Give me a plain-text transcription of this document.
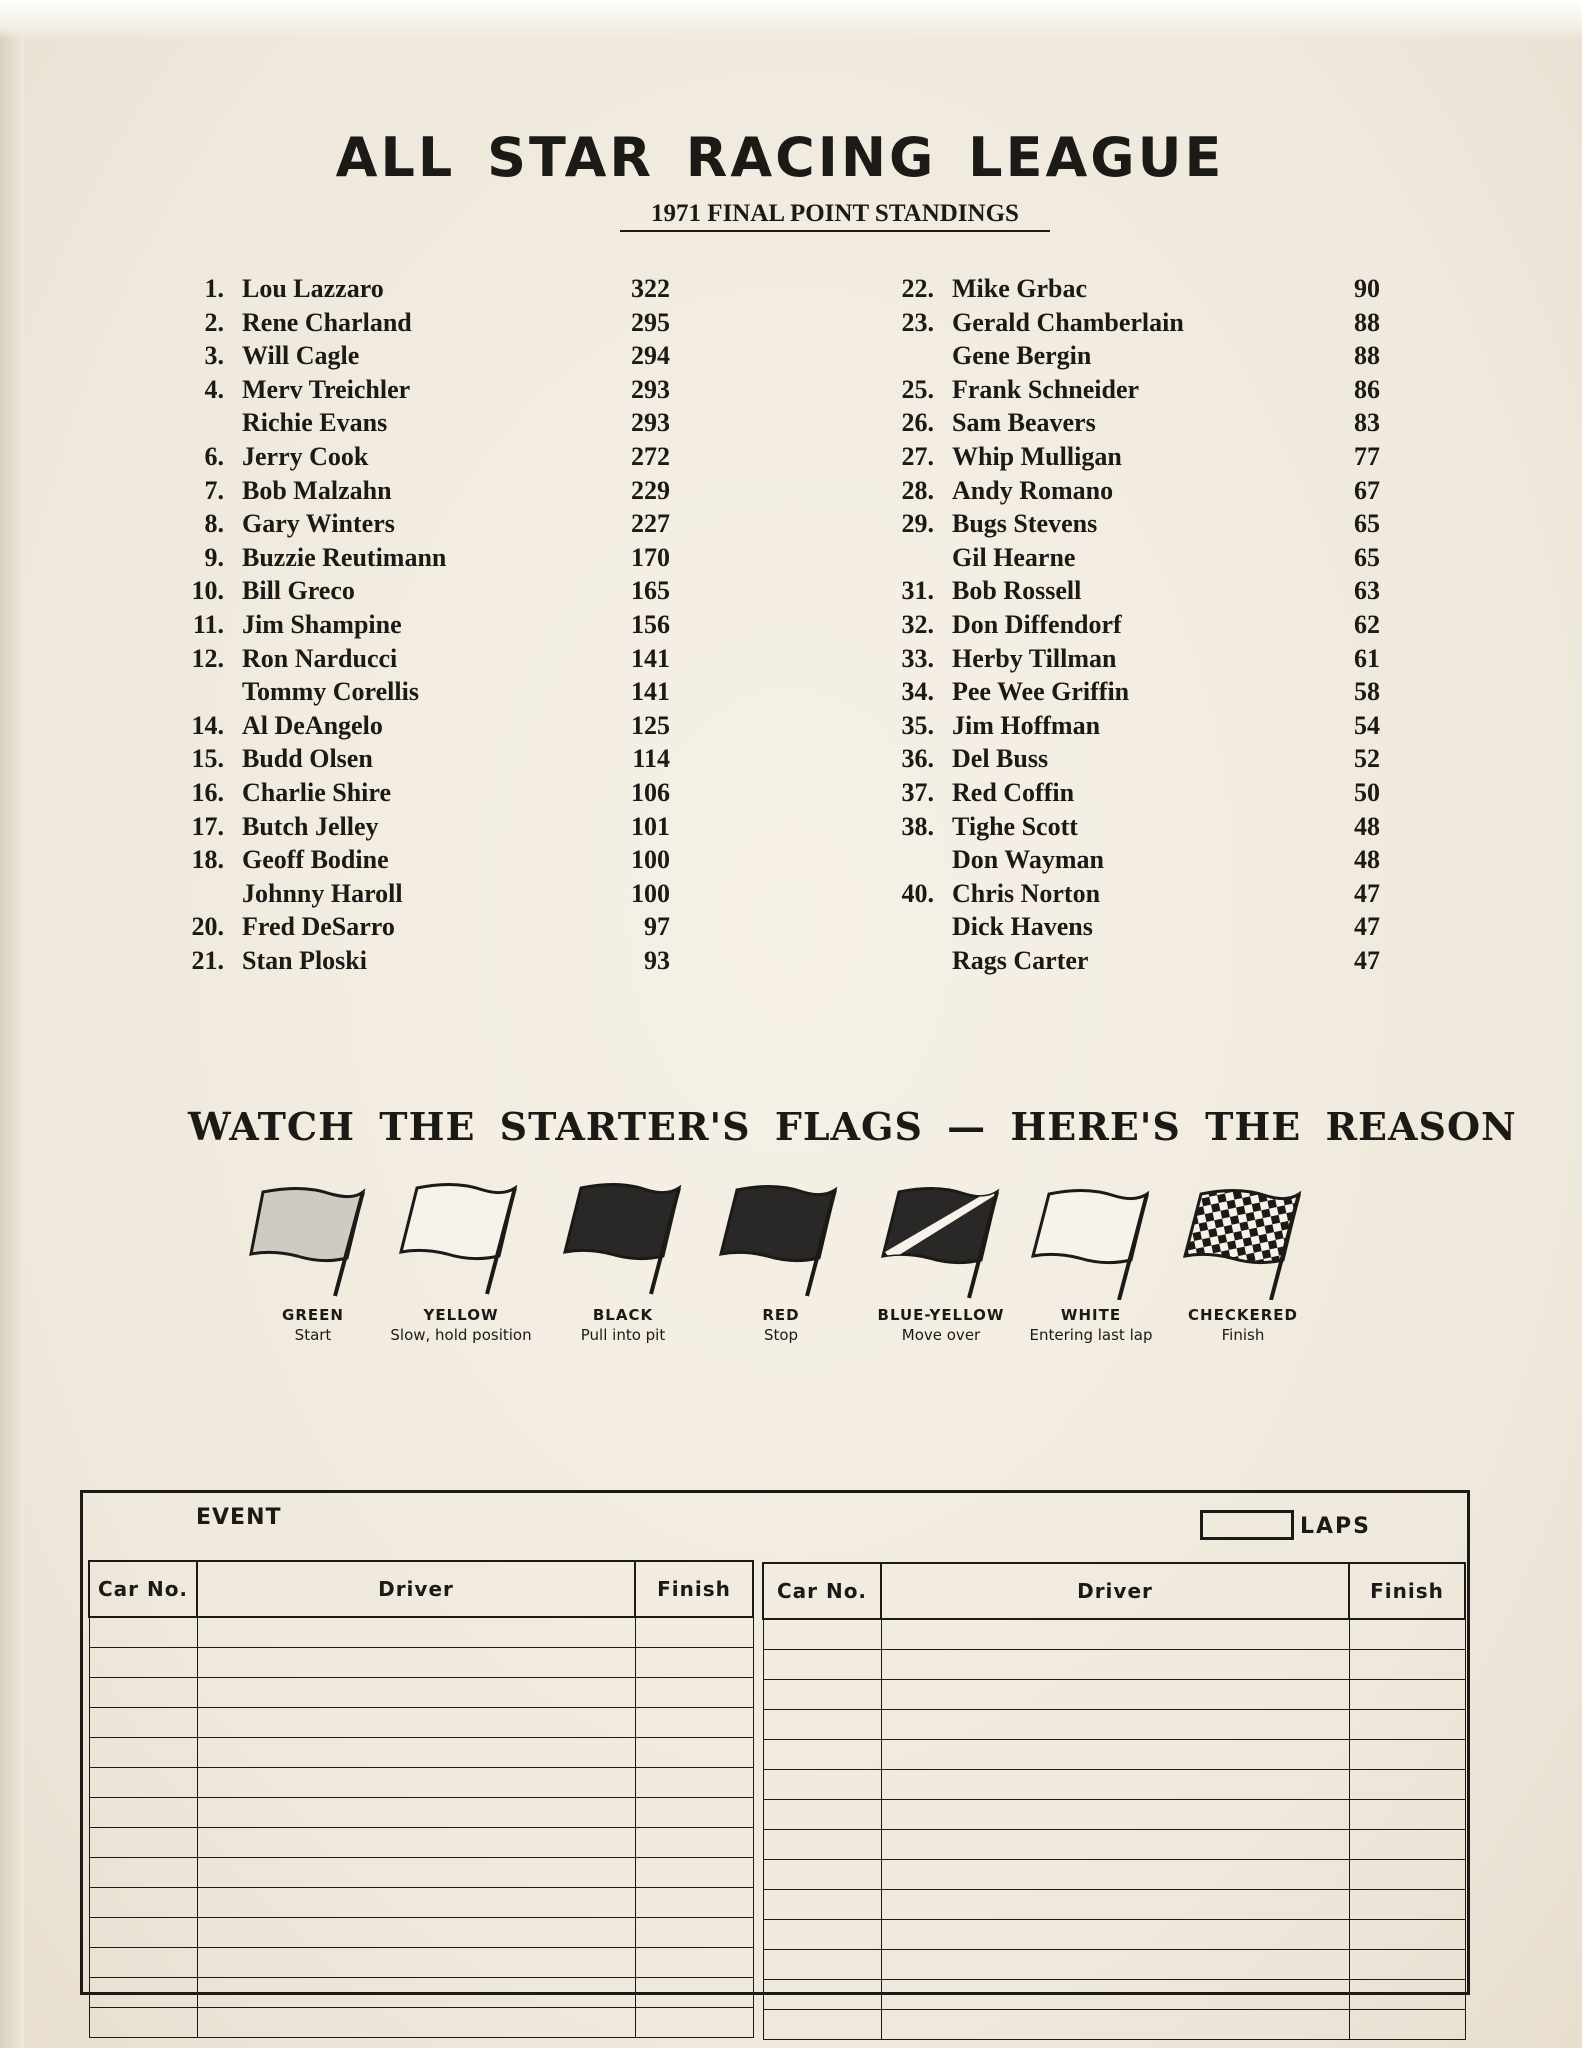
ALL STAR RACING LEAGUE
1971 FINAL POINT STANDINGS
1. Lou Lazzaro	322
2. Rene Charland	295
3. Will Cagle	294
4. Merv Treichler	293
Richie Evans	293
6. Jerry Cook	272
7. Bob Malzahn	229
8. Gary Winters	227
9. Buzzie Reutimann	170
10. Bill Greco	165
11. Jim Shampine	156
12. Ron Narducci	141
Tommy Corellis	141
14. Al DeAngelo	125
15. Budd Olsen	114
16. Charlie Shire	106
17. Butch Jelley	101
18. Geoff Bodine	100
Johnny Haroll	100
20. Fred DeSarro	97
21. Stan Ploski	93
22. Mike Grbac	90
23. Gerald Chamberlain	88
Gene Bergin	88
25. Frank Schneider	86
26. Sam Beavers	83
27. Whip Mulligan	77
28. Andy Romano	67
29. Bugs Stevens	65
Gil Hearne	65
31. Bob Rossell	63
32. Don Diffendorf	62
33. Herby Tillman	61
34. Pee Wee Griffin	58
35. Jim Hoffman	54
36. Del Buss	52
37. Red Coffin	50
38. Tighe Scott	48
Don Wayman	48
40. Chris Norton	47
Dick Havens	47
Rags Carter	47
WATCH THE STARTER'S FLAGS — HERE'S THE REASON
GREEN
Start
YELLOW
Slow, hold position
BLACK
Pull into pit
RED
Stop
BLUE-YELLOW
Move over
WHITE
Entering last lap
CHECKERED
Finish
EVENT	LAPS
Car No.	Driver	Finish

		Car No.	Driver	Finish
